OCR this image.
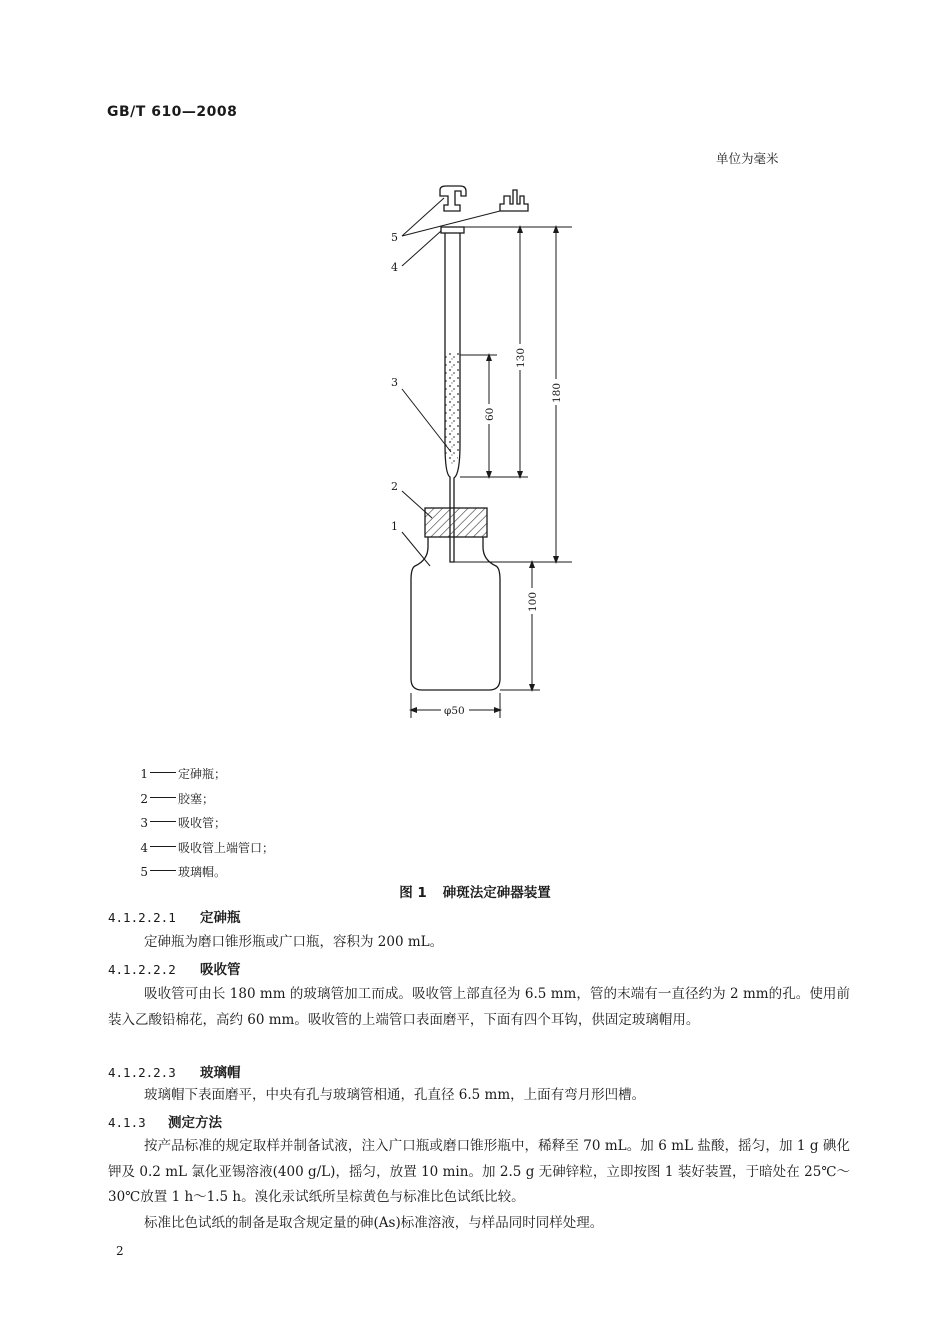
GB/T 610—2008
单位为毫米
5
4
3
2
1
130
60
180
100
φ50
1	定砷瓶；
2	胶塞；
3	吸收管；
4	吸收管上端管口；
5	玻璃帽。
图 1 砷斑法定砷器装置
4.1.2.2.1 定砷瓶
定砷瓶为磨口锥形瓶或广口瓶，容积为 200 mL。
4.1.2.2.2 吸收管
吸收管可由长 180 mm 的玻璃管加工而成。吸收管上部直径为 6.5 mm，管的末端有一直径约为 2 mm的孔。使用前装入乙酸铅棉花，高约 60 mm。吸收管的上端管口表面磨平，下面有四个耳钩，供固定玻璃帽用。
4.1.2.2.3 玻璃帽
玻璃帽下表面磨平，中央有孔与玻璃管相通，孔直径 6.5 mm，上面有弯月形凹槽。
4.1.3 测定方法
按产品标准的规定取样并制备试液，注入广口瓶或磨口锥形瓶中，稀释至 70 mL。加 6 mL 盐酸，摇匀，加 1 g 碘化钾及 0.2 mL 氯化亚锡溶液(400 g/L)，摇匀，放置 10 min。加 2.5 g 无砷锌粒，立即按图 1 装好装置，于暗处在 25℃～30℃放置 1 h～1.5 h。溴化汞试纸所呈棕黄色与标准比色试纸比较。
标准比色试纸的制备是取含规定量的砷(As)标准溶液，与样品同时同样处理。
2
